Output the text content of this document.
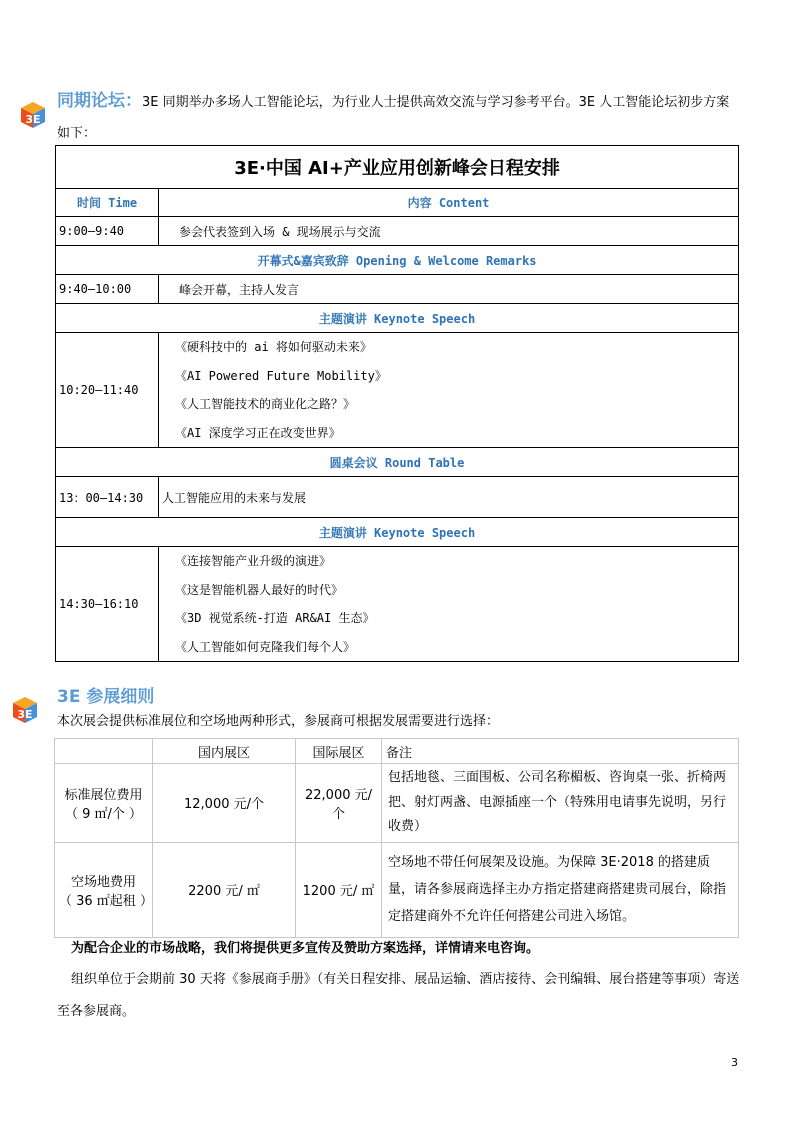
3E
同期论坛：3E 同期举办多场人工智能论坛，为行业人士提供高效交流与学习参考平台。3E 人工智能论坛初步方案如下：
3E·中国 AI+产业应用创新峰会日程安排	
时间 Time	内容 Content
9:00—9:40	参会代表签到入场 & 现场展示与交流
开幕式&嘉宾致辞 Opening & Welcome Remarks	
9:40—10:00	峰会开幕，主持人发言
主题演讲 Keynote Speech	
10:20—11:40	《硬科技中的 ai 将如何驱动未来》
《AI Powered Future Mobility》
《人工智能技术的商业化之路？》
《AI 深度学习正在改变世界》

圆桌会议 Round Table	
13：00–14:30	人工智能应用的未来与发展
主题演讲 Keynote Speech	
14:30—16:10	《连接智能产业升级的演进》
《这是智能机器人最好的时代》
《3D 视觉系统-打造 AR&AI 生态》
《人工智能如何克隆我们每个人》
3E
3E 参展细则
本次展会提供标准展位和空场地两种形式，参展商可根据发展需要进行选择：
	国内展区	国际展区	备注

标准展位费用
（ 9 ㎡/个 ）	12,000 元/个	22,000 元/个	包括地毯、三面围板、公司名称楣板、咨询桌一张、折椅两把、射灯两盏、电源插座一个（特殊用电请事先说明，另行收费）

空场地费用
（ 36 ㎡起租 ）	2200 元/ ㎡	1200 元/ ㎡	空场地不带任何展架及设施。为保障 3E·2018 的搭建质量，请各参展商选择主办方指定搭建商搭建贵司展台，除指定搭建商外不允许任何搭建公司进入场馆。
为配合企业的市场战略，我们将提供更多宣传及赞助方案选择，详情请来电咨询。
组织单位于会期前 30 天将《参展商手册》（有关日程安排、展品运输、酒店接待、会刊编辑、展台搭建等事项）寄送至各参展商。
3
